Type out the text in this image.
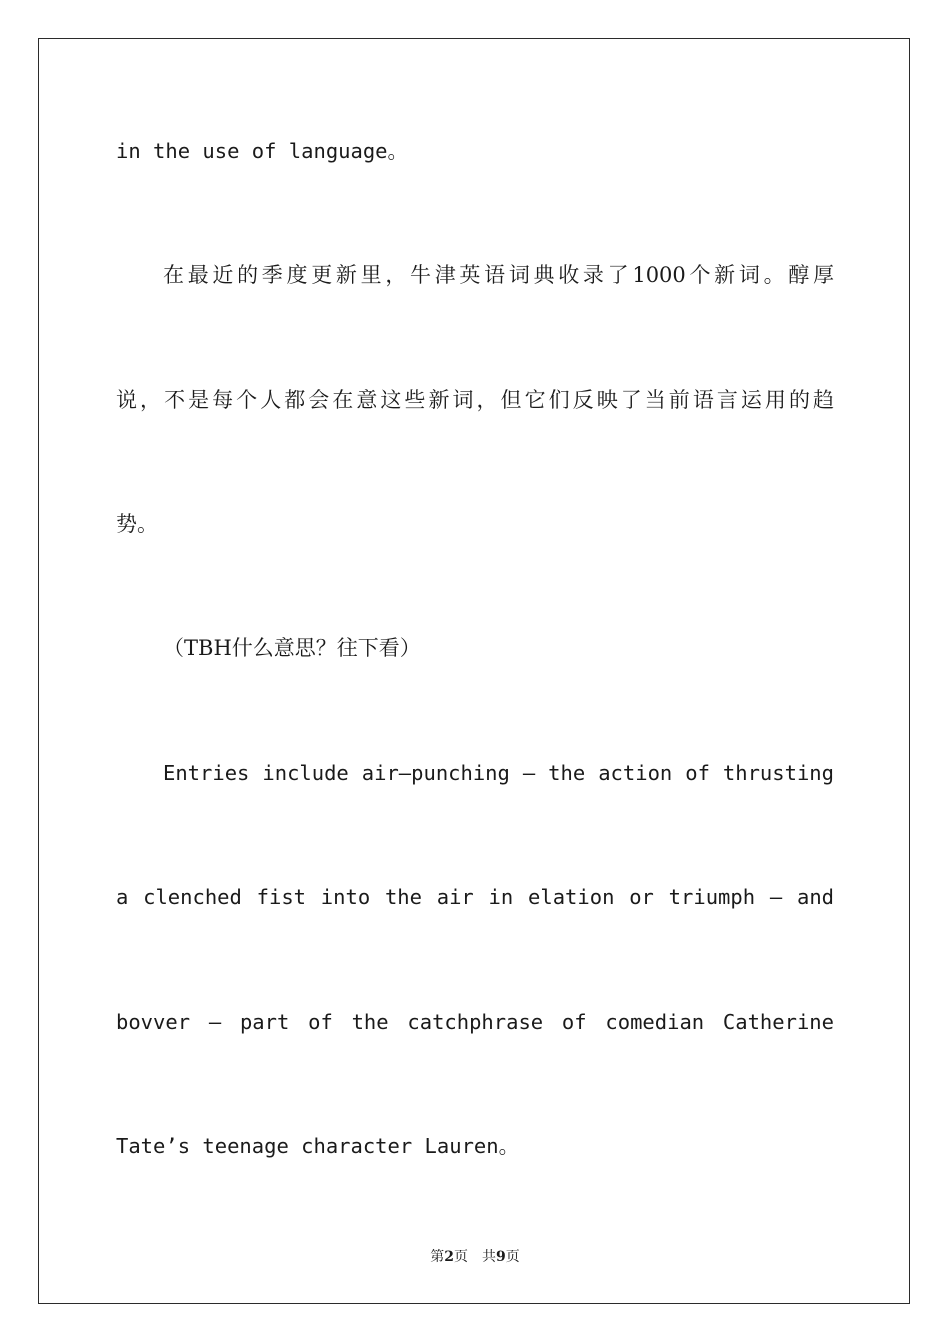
in the use of language。
在最近的季度更新里，牛津英语词典收录了1000个新词。醇厚
说，不是每个人都会在意这些新词，但它们反映了当前语言运用的趋
势。
（TBH什么意思？往下看）
Entries include air—punching — the action of thrusting
a clenched fist into the air in elation or triumph — and
bovver — part of the catchphrase of comedian Catherine
Tate’s teenage character Lauren。
第2页 共9页
